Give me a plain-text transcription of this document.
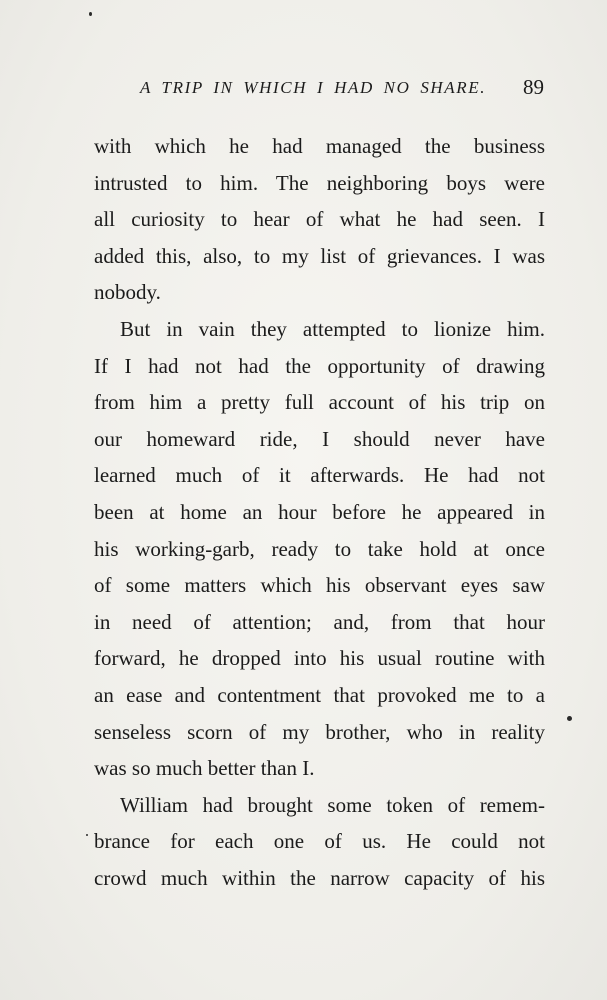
A TRIP IN WHICH I HAD NO SHARE. 89
with which he had managed the business
intrusted to him. The neighboring boys were
all curiosity to hear of what he had seen. I
added this, also, to my list of grievances. I was
nobody.
But in vain they attempted to lionize him.
If I had not had the opportunity of drawing
from him a pretty full account of his trip on
our homeward ride, I should never have
learned much of it afterwards. He had not
been at home an hour before he appeared in
his working-garb, ready to take hold at once
of some matters which his observant eyes saw
in need of attention; and, from that hour
forward, he dropped into his usual routine with
an ease and contentment that provoked me to a
senseless scorn of my brother, who in reality
was so much better than I.
William had brought some token of remem-
brance for each one of us. He could not
crowd much within the narrow capacity of his
